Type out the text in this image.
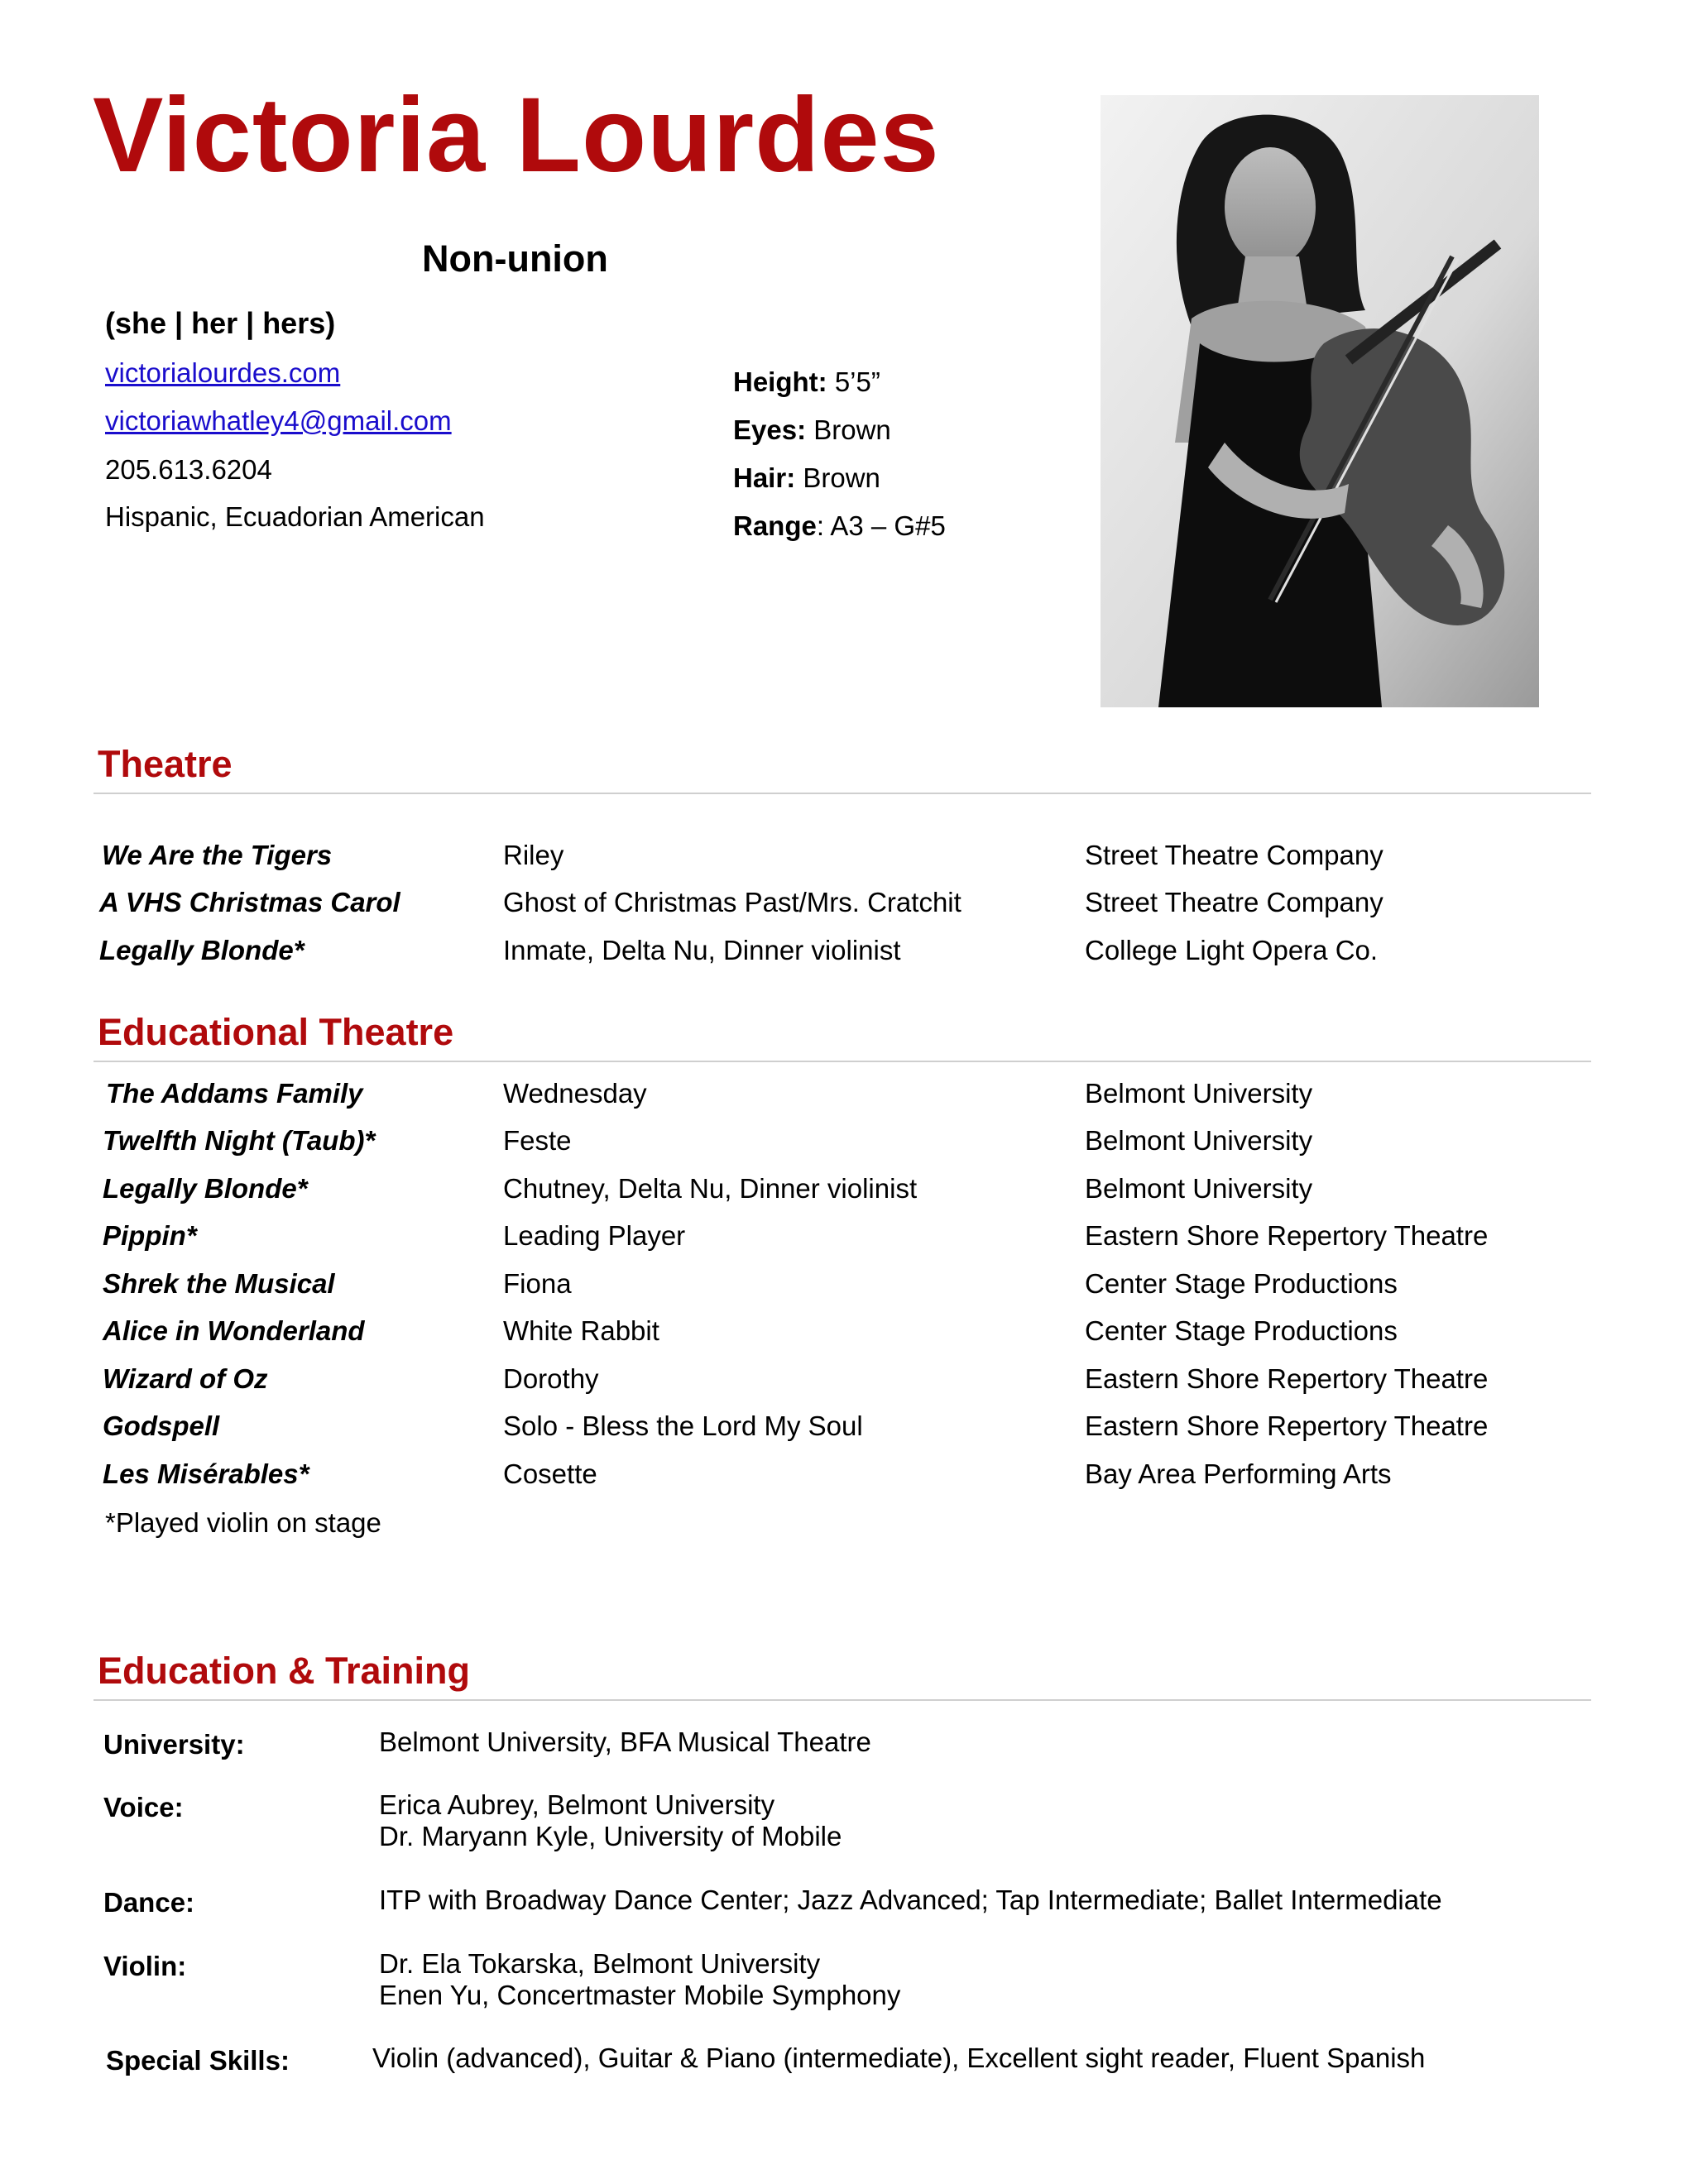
Victoria Lourdes
Non-union
(she | her | hers)
victorialourdes.com
victoriawhatley4@gmail.com
205.613.6204
Hispanic, Ecuadorian American
Height: 5’5”
Eyes: Brown
Hair: Brown
Range: A3 – G#5
Theatre
We Are the Tigers	Riley	Street Theatre Company
A VHS Christmas Carol	Ghost of Christmas Past/Mrs. Cratchit	Street Theatre Company
Legally Blonde*	Inmate, Delta Nu, Dinner violinist	College Light Opera Co.
Educational Theatre
The Addams Family	Wednesday	Belmont University
Twelfth Night (Taub)*	Feste	Belmont University
Legally Blonde*	Chutney, Delta Nu, Dinner violinist	Belmont University
Pippin*	Leading Player	Eastern Shore Repertory Theatre
Shrek the Musical	Fiona	Center Stage Productions
Alice in Wonderland	White Rabbit	Center Stage Productions
Wizard of Oz	Dorothy	Eastern Shore Repertory Theatre
Godspell	Solo - Bless the Lord My Soul	Eastern Shore Repertory Theatre
Les Misérables*	Cosette	Bay Area Performing Arts
*Played violin on stage
Education & Training
University:	Belmont University, BFA Musical Theatre
Voice:	Erica Aubrey, Belmont University
Dr. Maryann Kyle, University of Mobile
Dance:	ITP with Broadway Dance Center; Jazz Advanced; Tap Intermediate; Ballet Intermediate
Violin:	Dr. Ela Tokarska, Belmont University
Enen Yu, Concertmaster Mobile Symphony
Special Skills:	Violin (advanced), Guitar & Piano (intermediate), Excellent sight reader, Fluent Spanish
